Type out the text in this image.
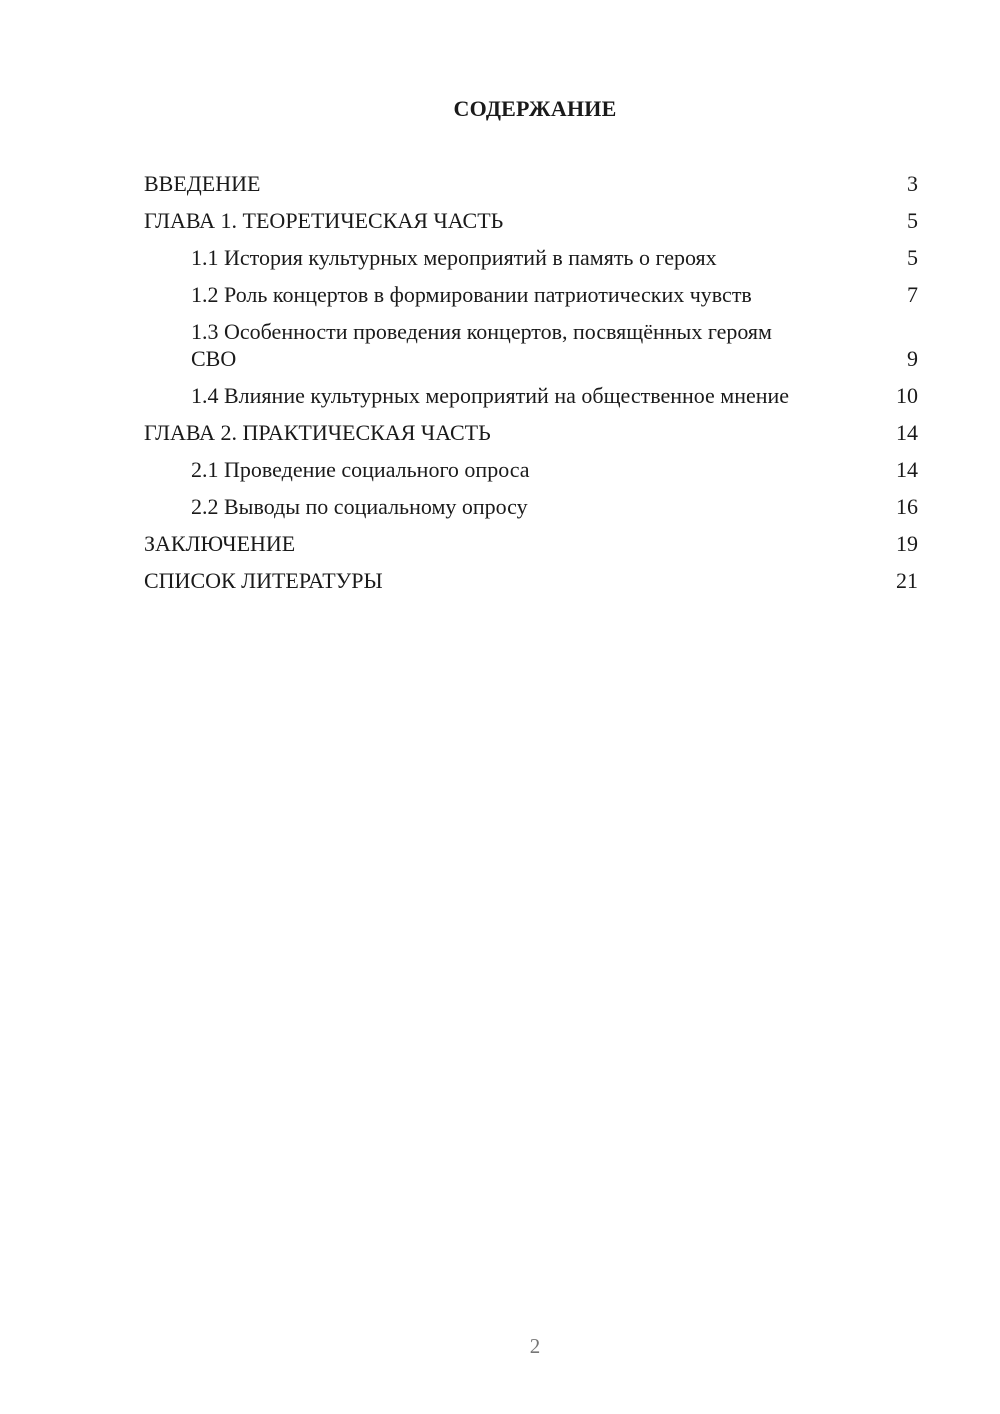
СОДЕРЖАНИЕ
ВВЕДЕНИЕ	3
ГЛАВА 1. ТЕОРЕТИЧЕСКАЯ ЧАСТЬ	5
1.1 История культурных мероприятий в память о героях	5
1.2 Роль концертов в формировании патриотических чувств	7
1.3 Особенности проведения концертов, посвящённых героям СВО	9
1.4 Влияние культурных мероприятий на общественное мнение	10
ГЛАВА 2. ПРАКТИЧЕСКАЯ ЧАСТЬ	14
2.1 Проведение социального опроса	14
2.2 Выводы по социальному опросу	16
ЗАКЛЮЧЕНИЕ	19
СПИСОК ЛИТЕРАТУРЫ	21
2
